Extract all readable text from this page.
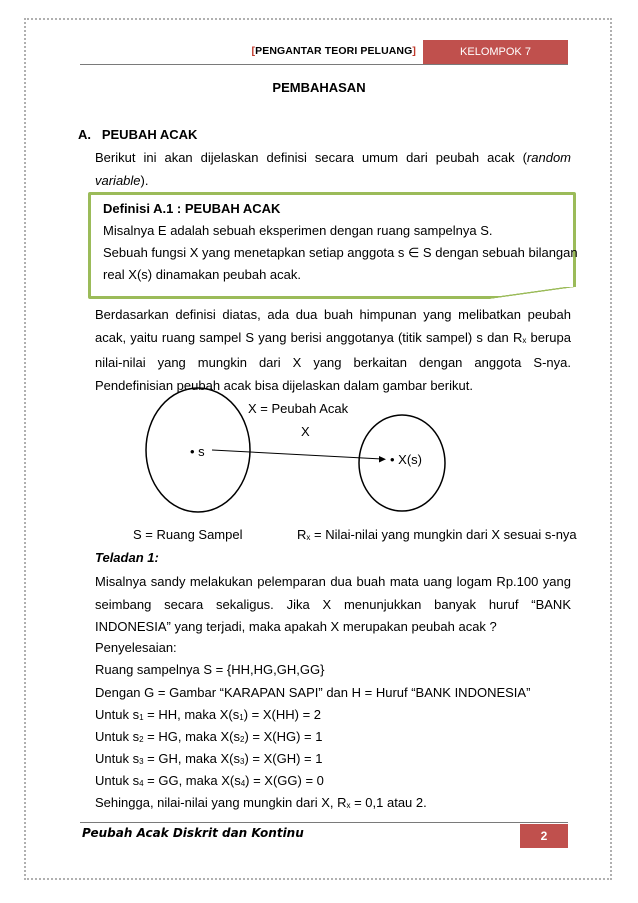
[PENGANTAR TEORI PELUANG]	KELOMPOK 7
PEMBAHASAN
A. PEUBAH ACAK
Berikut ini akan dijelaskan definisi secara umum dari peubah acak (random variable).
Definisi A.1 : PEUBAH ACAK
Misalnya E adalah sebuah eksperimen dengan ruang sampelnya S.
Sebuah fungsi X yang menetapkan setiap anggota s ∈ S dengan sebuah bilangan
real X(s) dinamakan peubah acak.
Berdasarkan definisi diatas, ada dua buah himpunan yang melibatkan peubah acak, yaitu ruang sampel S yang berisi anggotanya (titik sampel) s dan $R_x$ berupa nilai-nilai yang mungkin dari X yang berkaitan dengan anggota S-nya. Pendefinisian peubah acak bisa dijelaskan dalam gambar berikut.
X = Peubah Acak
X
• s
• X(s)
S = Ruang Sampel	$R_x$ = Nilai-nilai yang mungkin dari X sesuai s-nya
Teladan 1:
Misalnya sandy melakukan pelemparan dua buah mata uang logam Rp.100 yang seimbang secara sekaligus. Jika X menunjukkan banyak huruf “BANK INDONESIA” yang terjadi, maka apakah X merupakan peubah acak ?
Penyelesaian:
Ruang sampelnya S = {HH,HG,GH,GG}
Dengan G = Gambar “KARAPAN SAPI” dan H = Huruf “BANK INDONESIA”
Untuk $s_1$ = HH, maka $X(s_1) = X(HH) = 2$
Untuk $s_2$ = HG, maka $X(s_2) = X(HG) = 1$
Untuk $s_3$ = GH, maka $X(s_3) = X(GH) = 1$
Untuk $s_4$ = GG, maka $X(s_4) = X(GG) = 0$
Sehingga, nilai-nilai yang mungkin dari X, $R_x = 0,1$ atau 2.
Peubah Acak Diskrit dan Kontinu	2
